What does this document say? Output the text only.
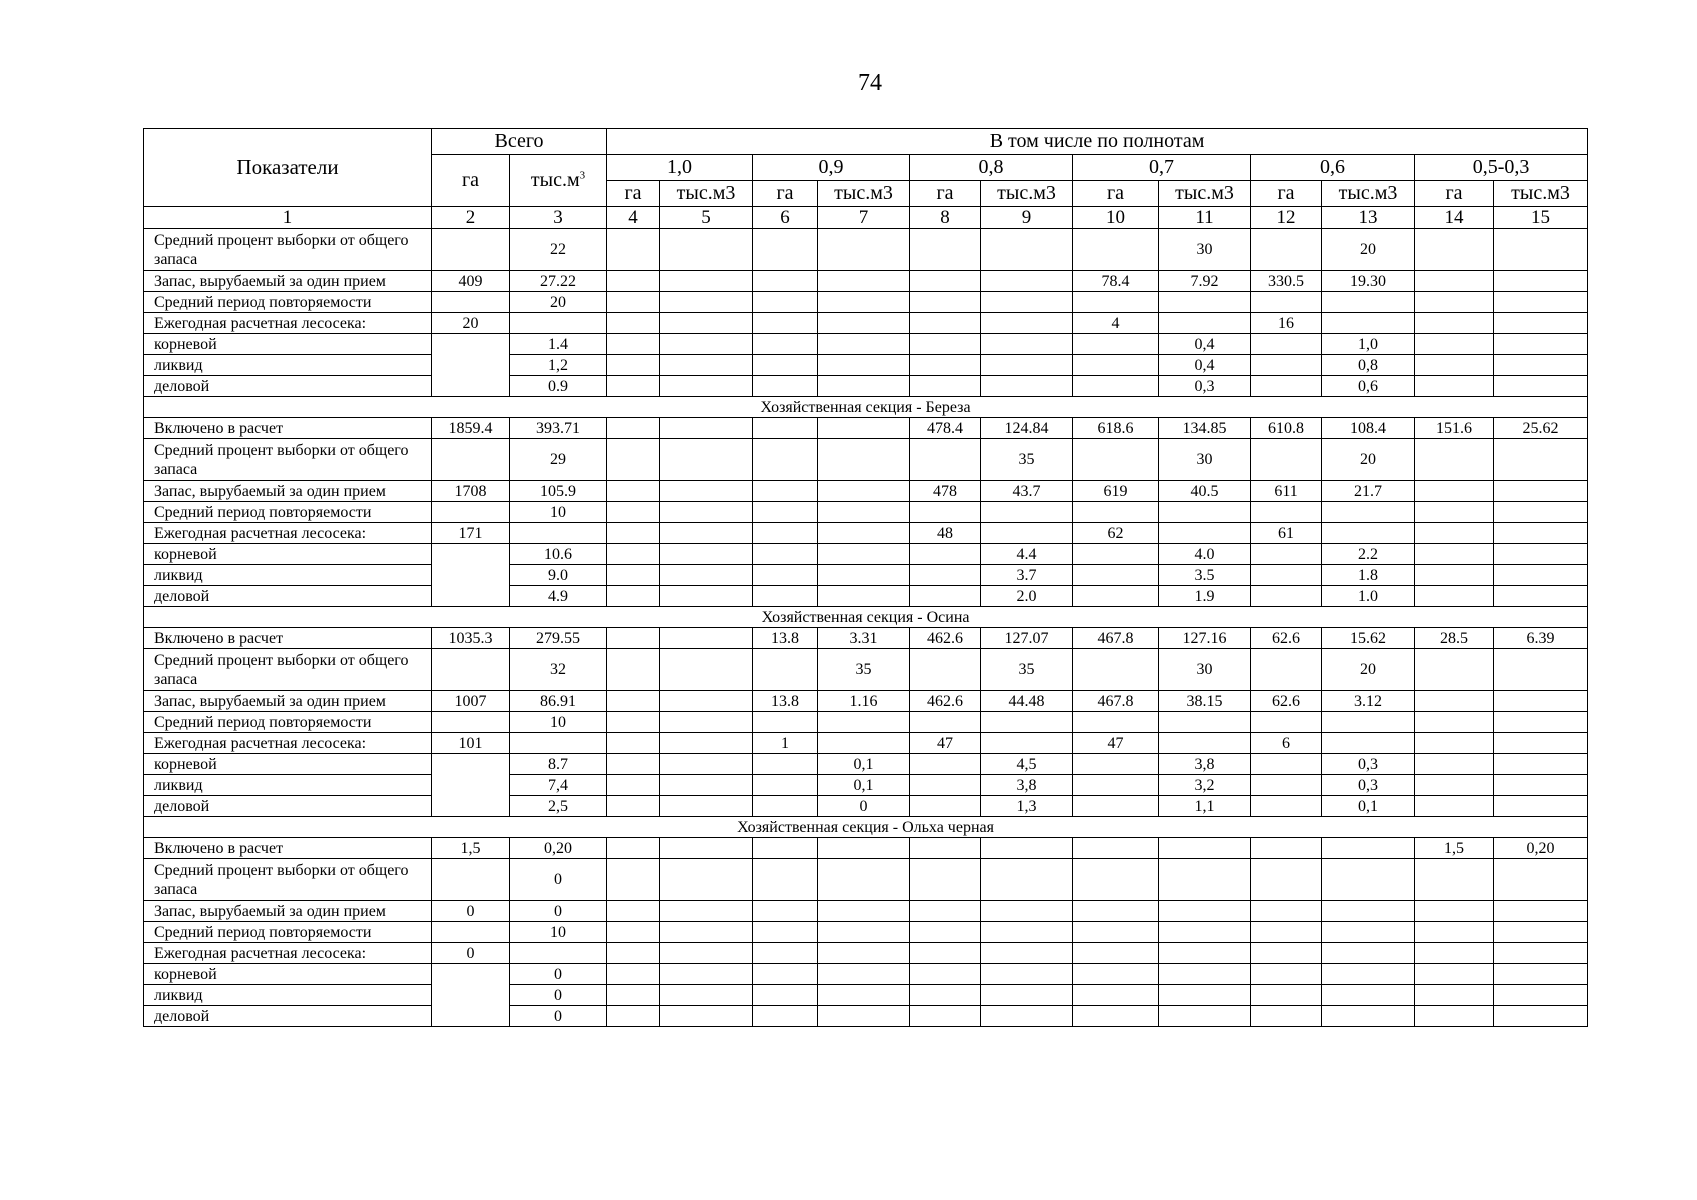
74
Показатели	Всего		В том числе по полнотам											
	га	$тыс.м^3$	1,0		0,9		0,8		0,7		0,6		0,5-0,3	
			га	тыс.м3	га	тыс.м3	га	тыс.м3	га	тыс.м3	га	тыс.м3	га	тыс.м3
1	2	3	4	5	6	7	8	9	10	11	12	13	14	15
Средний процент выборки от общего запаса		22								30		20		
Запас, вырубаемый за один прием	409	27.22							78.4	7.92	330.5	19.30		
Средний период повторяемости		20												
Ежегодная расчетная лесосека:	20								4		16			
корневой		1.4								0,4		1,0		
ликвид		1,2								0,4		0,8		
деловой		0.9								0,3		0,6		
Хозяйственная секция - Береза														
Включено в расчет	1859.4	393.71					478.4	124.84	618.6	134.85	610.8	108.4	151.6	25.62
Средний процент выборки от общего запаса		29						35		30		20		
Запас, вырубаемый за один прием	1708	105.9					478	43.7	619	40.5	611	21.7		
Средний период повторяемости		10												
Ежегодная расчетная лесосека:	171						48		62		61			
корневой		10.6						4.4		4.0		2.2		
ликвид		9.0						3.7		3.5		1.8		
деловой		4.9						2.0		1.9		1.0		
Хозяйственная секция - Осина														
Включено в расчет	1035.3	279.55			13.8	3.31	462.6	127.07	467.8	127.16	62.6	15.62	28.5	6.39
Средний процент выборки от общего запаса		32				35		35		30		20		
Запас, вырубаемый за один прием	1007	86.91			13.8	1.16	462.6	44.48	467.8	38.15	62.6	3.12		
Средний период повторяемости		10												
Ежегодная расчетная лесосека:	101				1		47		47		6			
корневой		8.7				0,1		4,5		3,8		0,3		
ликвид		7,4				0,1		3,8		3,2		0,3		
деловой		2,5				0		1,3		1,1		0,1		
Хозяйственная секция - Ольха черная														
Включено в расчет	1,5	0,20											1,5	0,20
Средний процент выборки от общего запаса		0												
Запас, вырубаемый за один прием	0	0												
Средний период повторяемости		10												
Ежегодная расчетная лесосека:	0													
корневой		0												
ликвид		0												
деловой		0												
